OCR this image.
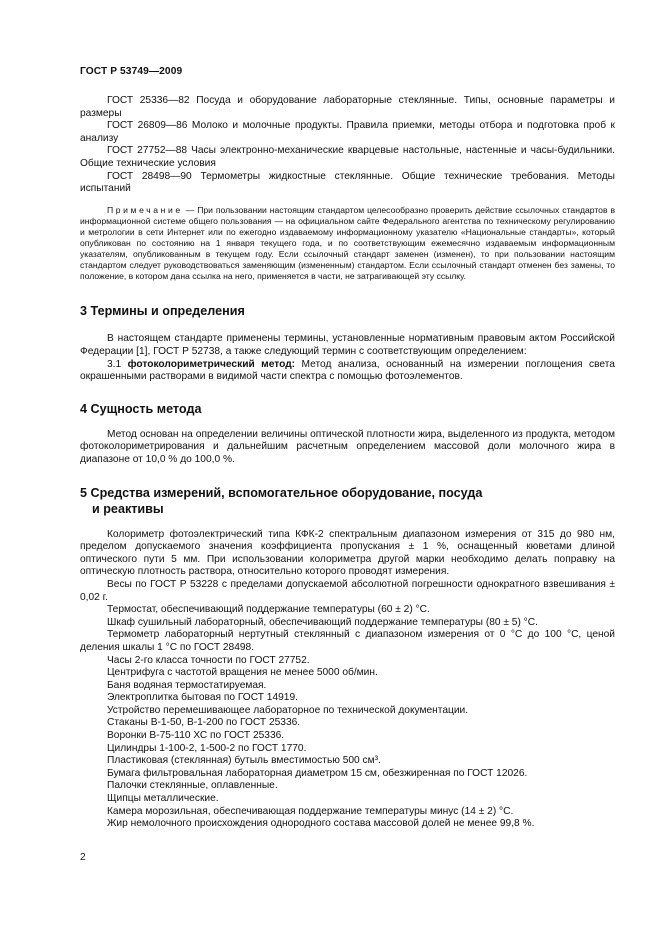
ГОСТ Р 53749—2009

ГОСТ 25336—82 Посуда и оборудование лабораторные стеклянные. Типы, основные параметры и размеры

ГОСТ 26809—86 Молоко и молочные продукты. Правила приемки, методы отбора и подготовка проб к анализу

ГОСТ 27752—88 Часы электронно-механические кварцевые настольные, настенные и часы-будильники. Общие технические условия

ГОСТ 28498—90 Термометры жидкостные стеклянные. Общие технические требования. Методы испытаний

Примечание — При пользовании настоящим стандартом целесообразно проверить действие ссылочных стандартов в информационной системе общего пользования — на официальном сайте Федерального агентства по техническому регулированию и метрологии в сети Интернет или по ежегодно издаваемому информационному указателю «Национальные стандарты», который опубликован по состоянию на 1 января текущего года, и по соответствующим ежемесячно издаваемым информационным указателям, опубликованным в текущем году. Если ссылочный стандарт заменен (изменен), то при пользовании настоящим стандартом следует руководствоваться заменяющим (измененным) стандартом. Если ссылочный стандарт отменен без замены, то положение, в котором дана ссылка на него, применяется в части, не затрагивающей эту ссылку.

3 Термины и определения

В настоящем стандарте применены термины, установленные нормативным правовым актом Российской Федерации [1], ГОСТ Р 52738, а также следующий термин с соответствующим определением:

3.1 фотоколориметрический метод: Метод анализа, основанный на измерении поглощения света окрашенными растворами в видимой части спектра с помощью фотоэлементов.

4 Сущность метода

Метод основан на определении величины оптической плотности жира, выделенного из продукта, методом фотоколориметрирования и дальнейшим расчетным определением массовой доли молочного жира в диапазоне от 10,0 % до 100,0 %.

5 Средства измерений, вспомогательное оборудование, посуда
и реактивы

Колориметр фотоэлектрический типа КФК-2 спектральным диапазоном измерения от 315 до 980 нм, пределом допускаемого значения коэффициента пропускания ± 1 %, оснащенный кюветами длиной оптического пути 5 мм. При использовании колориметра другой марки необходимо делать поправку на оптическую плотность раствора, относительно которого проводят измерения.

Весы по ГОСТ Р 53228 с пределами допускаемой абсолютной погрешности однократного взвешивания ± 0,02 г.

Термостат, обеспечивающий поддержание температуры (60 ± 2) °С.

Шкаф сушильный лабораторный, обеспечивающий поддержание температуры (80 ± 5) °С.

Термометр лабораторный нертутный стеклянный с диапазоном измерения от 0 °С до 100 °С, ценой деления шкалы 1 °С по ГОСТ 28498.

Часы 2-го класса точности по ГОСТ 27752.

Центрифуга с частотой вращения не менее 5000 об/мин.

Баня водяная термостатируемая.

Электроплитка бытовая по ГОСТ 14919.

Устройство перемешивающее лабораторное по технической документации.

Стаканы В-1-50, В-1-200 по ГОСТ 25336.

Воронки В-75-110 ХС по ГОСТ 25336.

Цилиндры 1-100-2, 1-500-2 по ГОСТ 1770.

Пластиковая (стеклянная) бутыль вместимостью 500 см³.

Бумага фильтровальная лабораторная диаметром 15 см, обезжиренная по ГОСТ 12026.

Палочки стеклянные, оплавленные.

Щипцы металлические.

Камера морозильная, обеспечивающая поддержание температуры минус (14 ± 2) °С.

Жир немолочного происхождения однородного состава массовой долей не менее 99,8 %.

2
